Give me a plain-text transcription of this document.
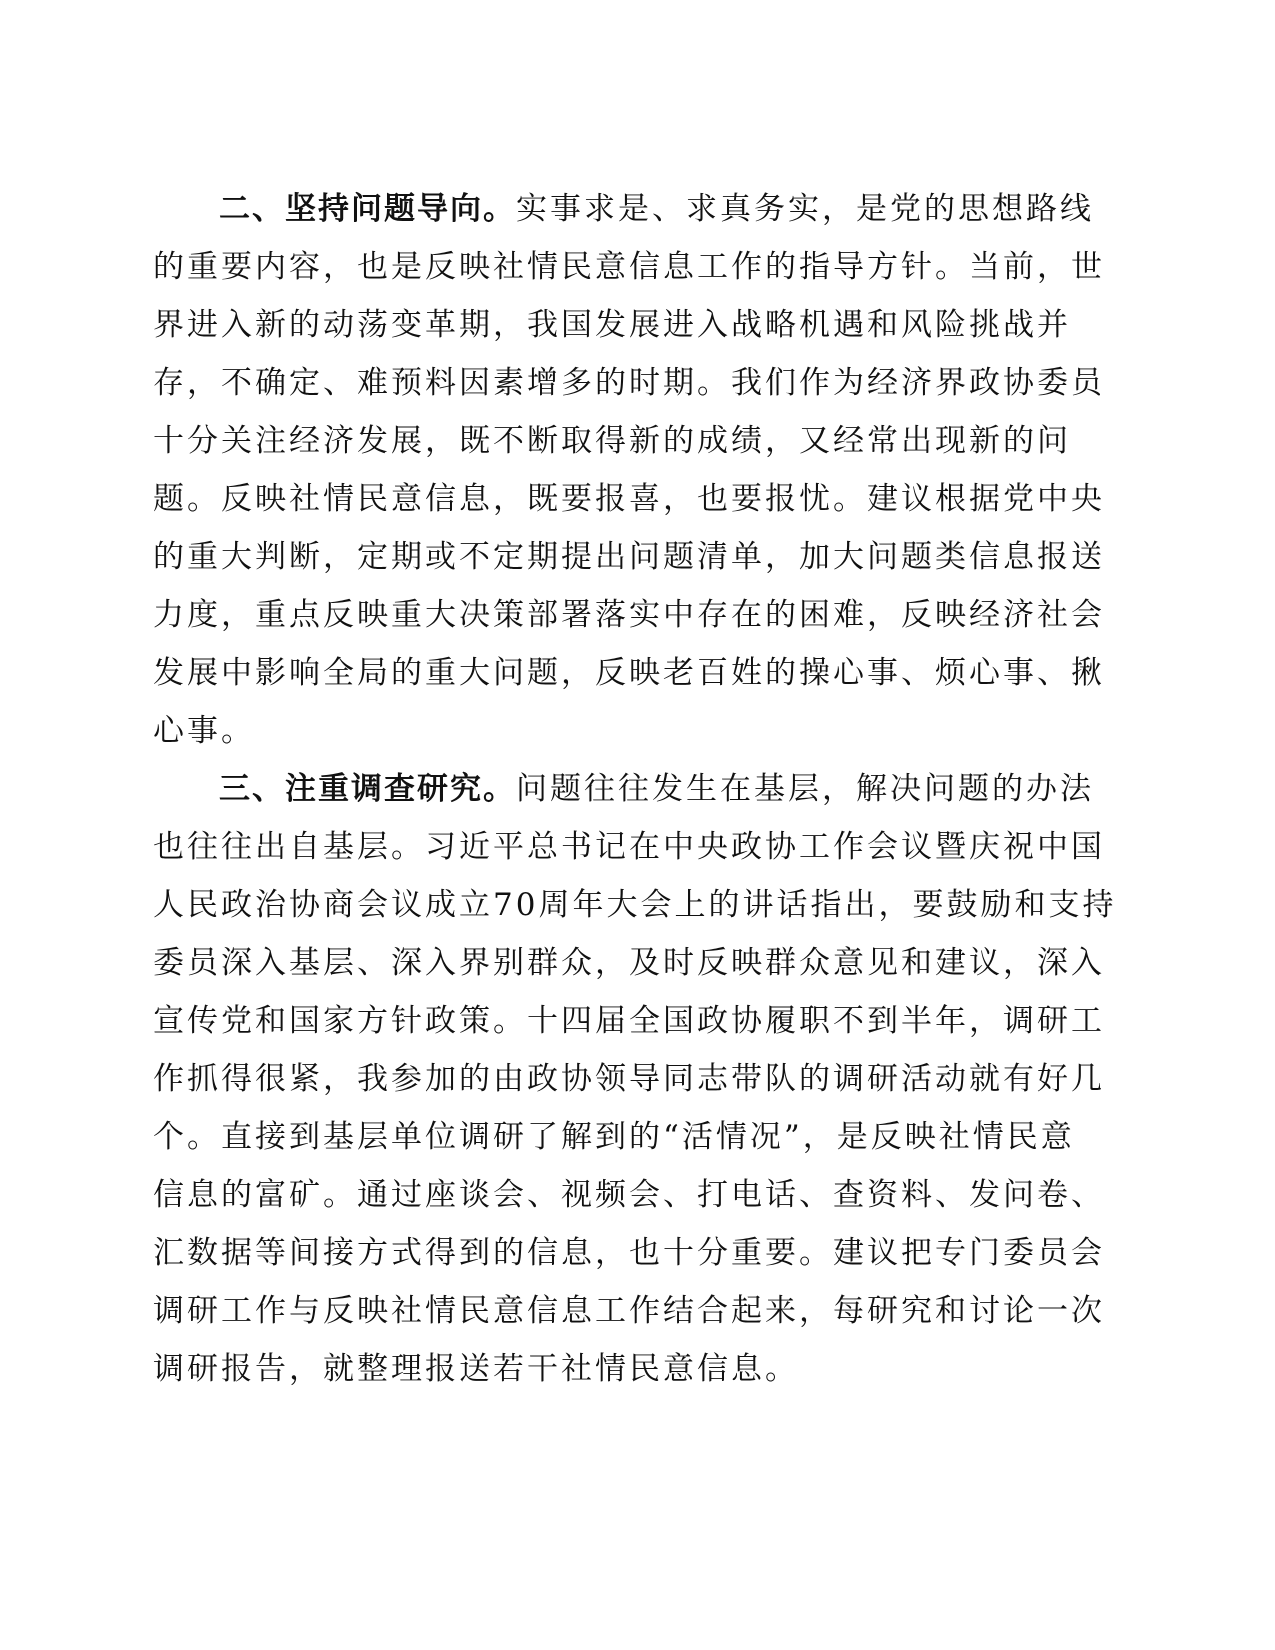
二、坚持问题导向。实事求是、求真务实，是党的思想路线
的重要内容，也是反映社情民意信息工作的指导方针。当前，世
界进入新的动荡变革期，我国发展进入战略机遇和风险挑战并
存，不确定、难预料因素增多的时期。我们作为经济界政协委员
十分关注经济发展，既不断取得新的成绩，又经常出现新的问
题。反映社情民意信息，既要报喜，也要报忧。建议根据党中央
的重大判断，定期或不定期提出问题清单，加大问题类信息报送
力度，重点反映重大决策部署落实中存在的困难，反映经济社会
发展中影响全局的重大问题，反映老百姓的操心事、烦心事、揪
心事。
三、注重调查研究。问题往往发生在基层，解决问题的办法
也往往出自基层。习近平总书记在中央政协工作会议暨庆祝中国
人民政治协商会议成立70周年大会上的讲话指出，要鼓励和支持
委员深入基层、深入界别群众，及时反映群众意见和建议，深入
宣传党和国家方针政策。十四届全国政协履职不到半年，调研工
作抓得很紧，我参加的由政协领导同志带队的调研活动就有好几
个。直接到基层单位调研了解到的“活情况”，是反映社情民意
信息的富矿。通过座谈会、视频会、打电话、查资料、发问卷、
汇数据等间接方式得到的信息，也十分重要。建议把专门委员会
调研工作与反映社情民意信息工作结合起来，每研究和讨论一次
调研报告，就整理报送若干社情民意信息。
